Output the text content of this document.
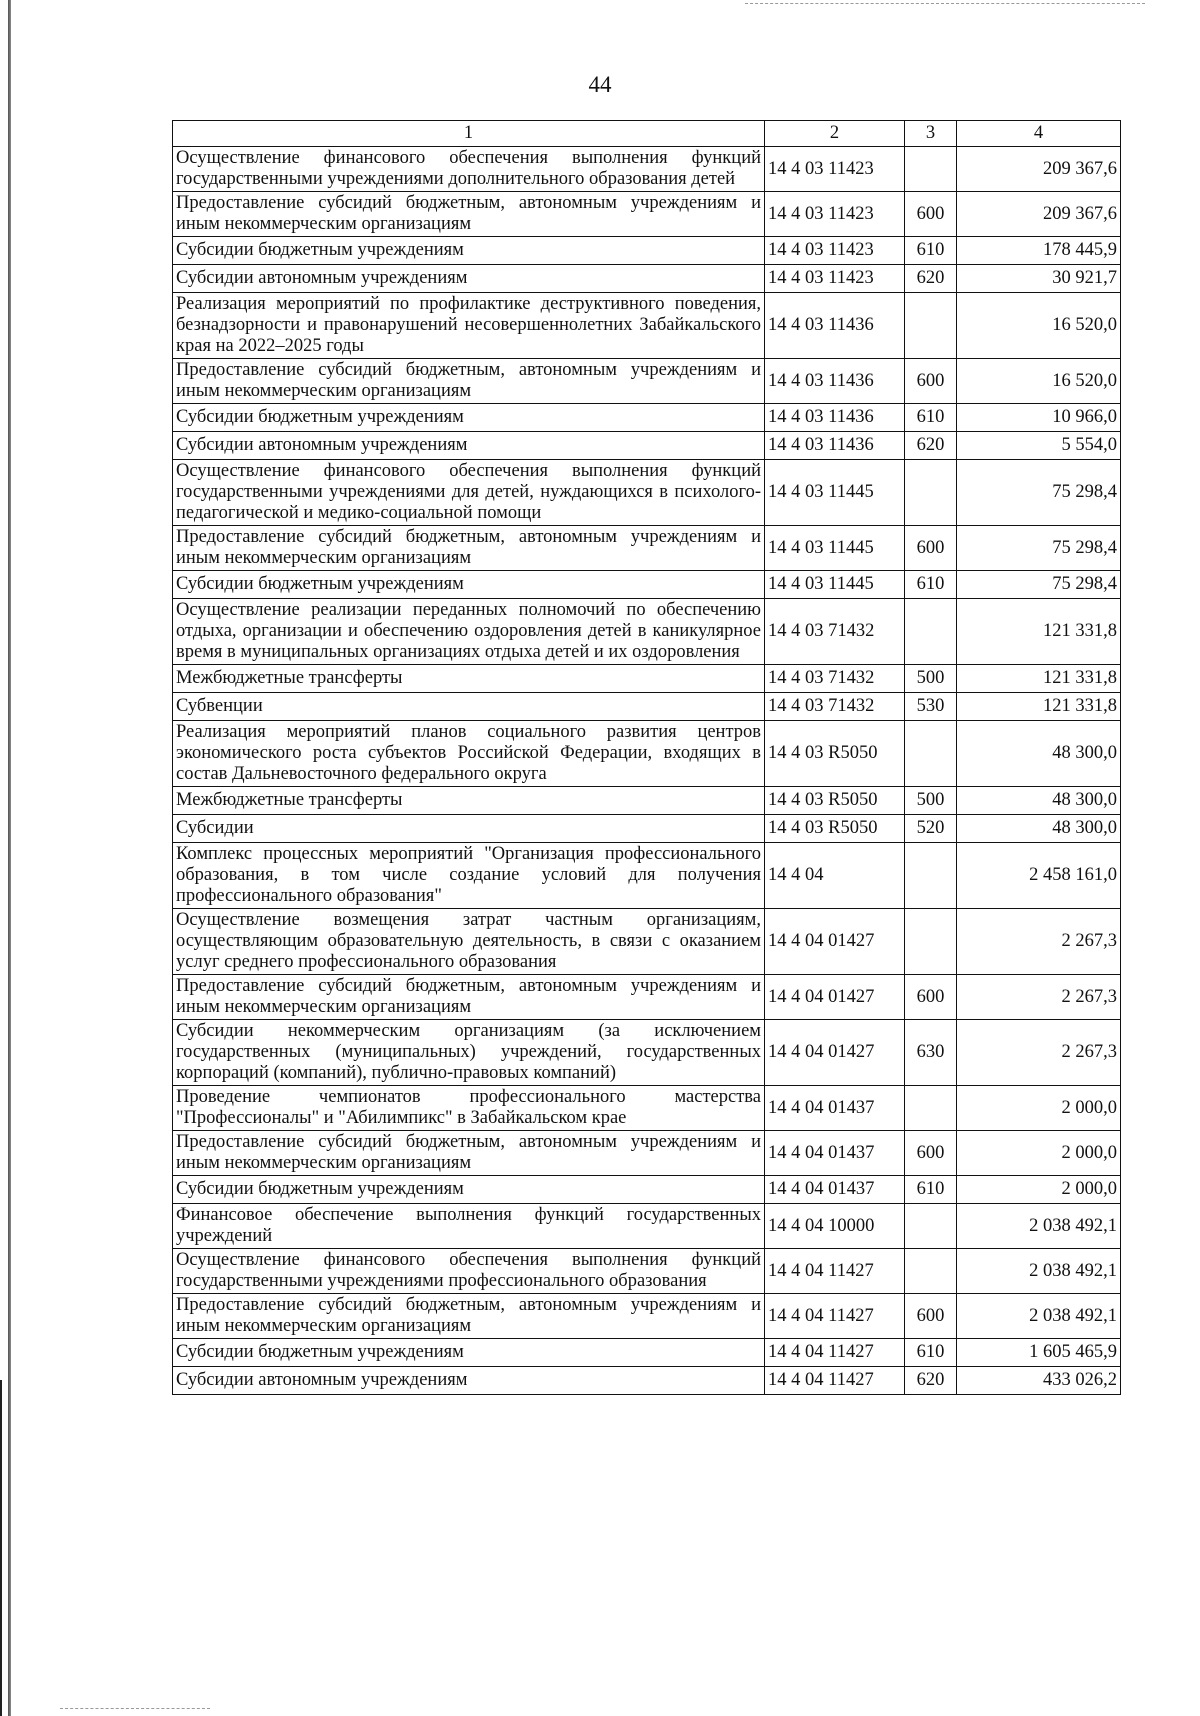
44
1	2	3	4
Осуществление финансового обеспечения выполнения функций государственными учреждениями дополнительного образования детей	14 4 03 11423		209 367,6
Предоставление субсидий бюджетным, автономным учреждениям и иным некоммерческим организациям	14 4 03 11423	600	209 367,6
Субсидии бюджетным учреждениям	14 4 03 11423	610	178 445,9
Субсидии автономным учреждениям	14 4 03 11423	620	30 921,7
Реализация мероприятий по профилактике деструктивного поведения, безнадзорности и правонарушений несовершеннолетних Забайкальского края на 2022–2025 годы	14 4 03 11436		16 520,0
Предоставление субсидий бюджетным, автономным учреждениям и иным некоммерческим организациям	14 4 03 11436	600	16 520,0
Субсидии бюджетным учреждениям	14 4 03 11436	610	10 966,0
Субсидии автономным учреждениям	14 4 03 11436	620	5 554,0
Осуществление финансового обеспечения выполнения функций государственными учреждениями для детей, нуждающихся в психолого-педагогической и медико-социальной помощи	14 4 03 11445		75 298,4
Предоставление субсидий бюджетным, автономным учреждениям и иным некоммерческим организациям	14 4 03 11445	600	75 298,4
Субсидии бюджетным учреждениям	14 4 03 11445	610	75 298,4
Осуществление реализации переданных полномочий по обеспечению отдыха, организации и обеспечению оздоровления детей в каникулярное время в муниципальных организациях отдыха детей и их оздоровления	14 4 03 71432		121 331,8
Межбюджетные трансферты	14 4 03 71432	500	121 331,8
Субвенции	14 4 03 71432	530	121 331,8
Реализация мероприятий планов социального развития центров экономического роста субъектов Российской Федерации, входящих в состав Дальневосточного федерального округа	14 4 03 R5050		48 300,0
Межбюджетные трансферты	14 4 03 R5050	500	48 300,0
Субсидии	14 4 03 R5050	520	48 300,0
Комплекс процессных мероприятий "Организация профессионального образования, в том числе создание условий для получения профессионального образования"	14 4 04		2 458 161,0
Осуществление возмещения затрат частным организациям, осуществляющим образовательную деятельность, в связи с оказанием услуг среднего профессионального образования	14 4 04 01427		2 267,3
Предоставление субсидий бюджетным, автономным учреждениям и иным некоммерческим организациям	14 4 04 01427	600	2 267,3
Субсидии некоммерческим организациям (за исключением государственных (муниципальных) учреждений, государственных корпораций (компаний), публично-правовых компаний)	14 4 04 01427	630	2 267,3
Проведение чемпионатов профессионального мастерства "Профессионалы" и "Абилимпикс" в Забайкальском крае	14 4 04 01437		2 000,0
Предоставление субсидий бюджетным, автономным учреждениям и иным некоммерческим организациям	14 4 04 01437	600	2 000,0
Субсидии бюджетным учреждениям	14 4 04 01437	610	2 000,0
Финансовое обеспечение выполнения функций государственных учреждений	14 4 04 10000		2 038 492,1
Осуществление финансового обеспечения выполнения функций государственными учреждениями профессионального образования	14 4 04 11427		2 038 492,1
Предоставление субсидий бюджетным, автономным учреждениям и иным некоммерческим организациям	14 4 04 11427	600	2 038 492,1
Субсидии бюджетным учреждениям	14 4 04 11427	610	1 605 465,9
Субсидии автономным учреждениям	14 4 04 11427	620	433 026,2
